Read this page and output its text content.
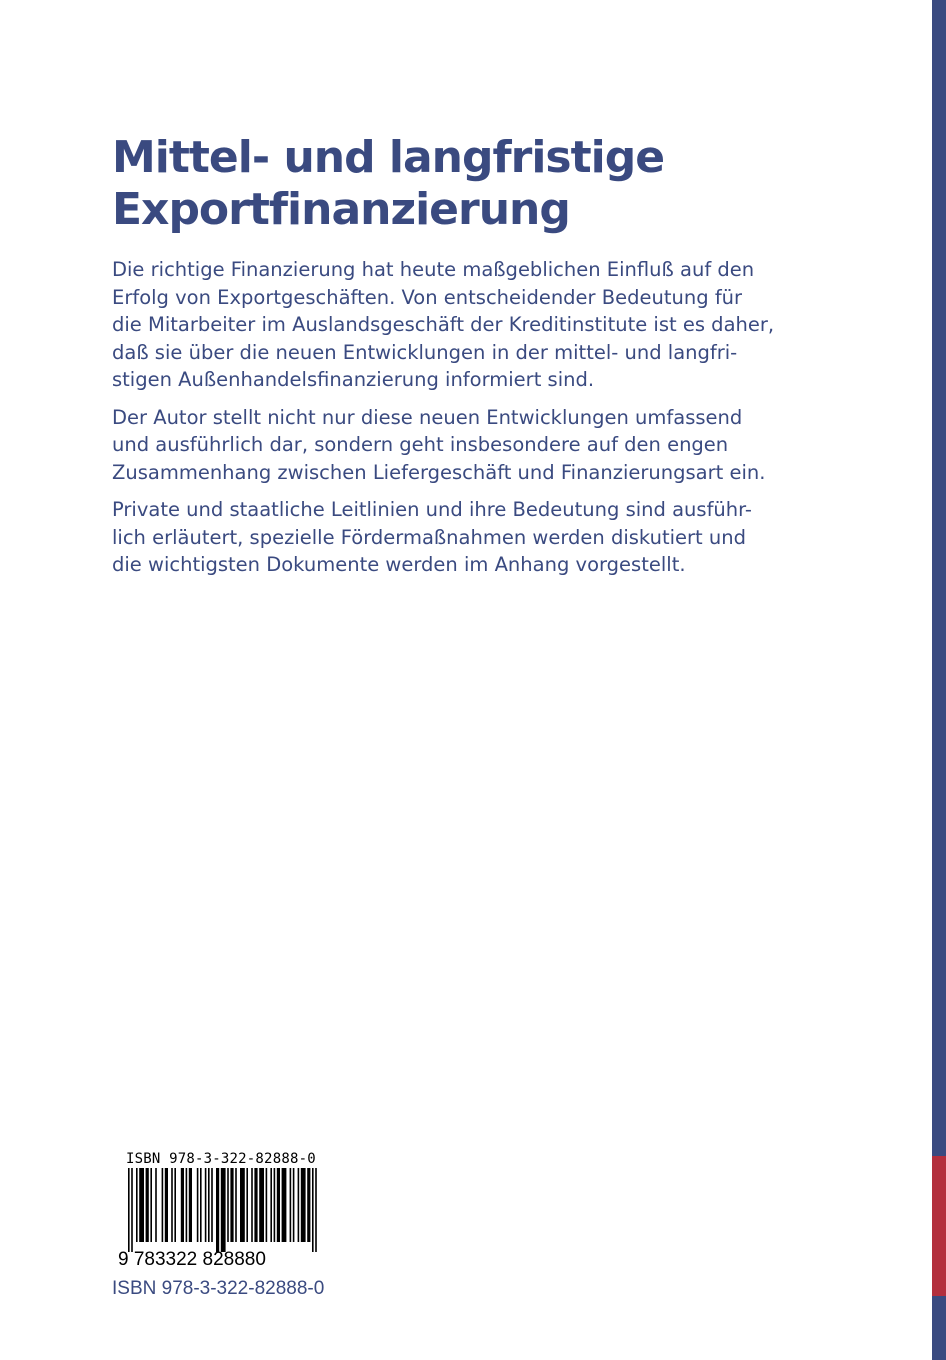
Mittel- und langfristige
Exportfinanzierung

Die richtige Finanzierung hat heute maßgeblichen Einfluß auf den
Erfolg von Exportgeschäften. Von entscheidender Bedeutung für
die Mitarbeiter im Auslandsgeschäft der Kreditinstitute ist es daher,
daß sie über die neuen Entwicklungen in der mittel- und langfri-
stigen Außenhandelsfinanzierung informiert sind.

Der Autor stellt nicht nur diese neuen Entwicklungen umfassend
und ausführlich dar, sondern geht insbesondere auf den engen
Zusammenhang zwischen Liefergeschäft und Finanzierungsart ein.

Private und staatliche Leitlinien und ihre Bedeutung sind ausführ-
lich erläutert, spezielle Fördermaßnahmen werden diskutiert und
die wichtigsten Dokumente werden im Anhang vorgestellt.

ISBN 978-3-322-82888-0
9 783322 828880
ISBN 978-3-322-82888-0
